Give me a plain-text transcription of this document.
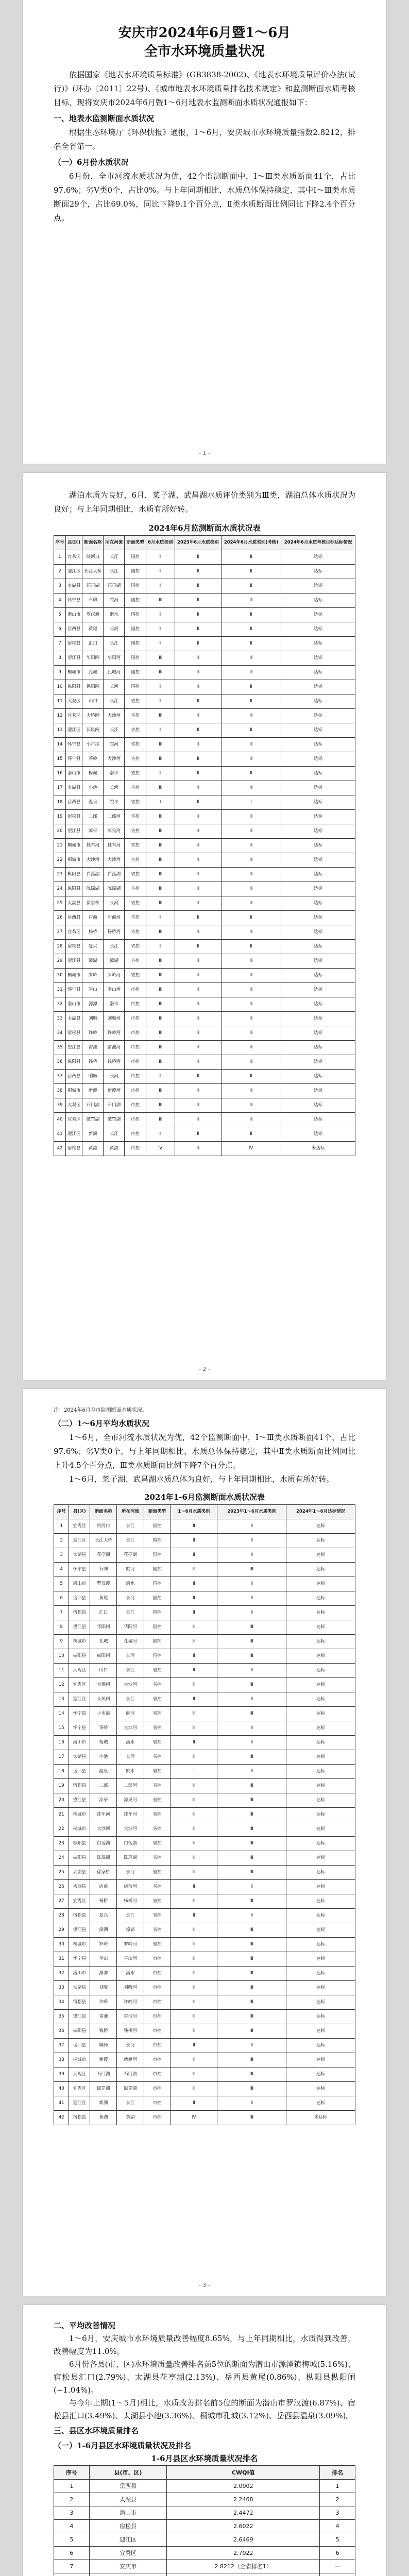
安庆市2024年6月暨1～6月
全市水环境质量状况

依据国家《地表水环境质量标准》(GB3838-2002)、《地表水环境质量评价办法(试行)》(环办〔2011〕22号)、《城市地表水环境质量排名技术规定》和监测断面水质考核目标，现将安庆市2024年6月暨1～6月地表水监测断面水质状况通报如下：

一、地表水监测断面水质状况

根据生态环境厅《环保快报》通报，1～6月，安庆城市水环境质量指数2.8212，排名全省第一。

（一）6月份水质状况

6月份，全市河流水质状况为优，42个监测断面中，Ⅰ～Ⅲ类水质断面41个，占比97.6%；劣Ⅴ类0个，占比0%。与上年同期相比，水质总体保持稳定，其中Ⅰ～Ⅲ类水质断面29个，占比69.0%，同比下降9.1个百分点，Ⅱ类水质断面比例同比下降2.4个百分点。

- 1 -

湖泊水质为良好，6月，菜子湖、武昌湖水质评价类别为Ⅲ类，湖泊总体水质状况为良好；与上年同期相比，水质有所好转。

2024年6月监测断面水质状况表

序号	县(区)	断面名称	所在河流	断面类型	6月水质类别	2023年6月水质类别	2024年6月水质类别(考核)	2024年6月水质考核目标达标情况
1	宜秀区	皖河口	长江	国控	Ⅱ	Ⅱ	Ⅱ	达标
2	迎江区	长江大桥	长江	国控	Ⅱ	Ⅱ	Ⅱ	达标
3	太湖县	花亭湖	花亭湖	国控	Ⅱ	Ⅱ	Ⅱ	达标
4	怀宁县	石牌	皖河	国控	Ⅲ	Ⅱ	Ⅲ	达标
5	潜山市	罗汉渡	潜水	国控	Ⅱ	Ⅱ	Ⅱ	达标
6	岳西县	黄尾	长河	国控	Ⅱ	Ⅱ	Ⅱ	达标
7	宿松县	汇口	长江	国控	Ⅱ	Ⅱ	Ⅱ	达标
8	望江县	华阳闸	华阳河	国控	Ⅲ	Ⅲ	Ⅲ	达标
9	桐城市	孔城	孔城河	国控	Ⅲ	Ⅲ	Ⅲ	达标
10	枞阳县	枞阳闸	长河	国控	Ⅱ	Ⅲ	Ⅱ	达标
11	大观区	山口	长江	省控	Ⅱ	Ⅱ	Ⅱ	达标
12	宜秀区	大桥闸	大沙河	省控	Ⅲ	Ⅲ	Ⅲ	达标
13	迎江区	长风闸	长江	省控	Ⅱ	Ⅱ	Ⅱ	达标
14	怀宁县	小市港	皖河	省控	Ⅲ	Ⅲ	Ⅲ	达标
15	怀宁县	茶岭	大沙河	省控	Ⅲ	Ⅱ	Ⅲ	达标
16	潜山市	梅城	潜水	省控	Ⅱ	Ⅱ	Ⅱ	达标
17	太湖县	小池	长河	省控	Ⅲ	Ⅲ	Ⅲ	达标
18	岳西县	温泉	皖水	省控	Ⅰ	Ⅱ	Ⅰ	达标
19	宿松县	二郎	二郎河	省控	Ⅲ	Ⅲ	Ⅲ	达标
20	望江县	凉亭	凉泉河	省控	Ⅲ	Ⅲ	Ⅲ	达标
21	桐城市	挂车河	挂车河	省控	Ⅲ	Ⅲ	Ⅲ	达标
22	桐城市	大沙河	大沙河	省控	Ⅲ	Ⅲ	Ⅲ	达标
23	枞阳县	白荡湖	白荡湖	省控	Ⅲ	Ⅲ	Ⅲ	达标
24	枞阳县	陈瑶湖	陈瑶湖	省控	Ⅲ	Ⅲ	Ⅲ	达标
25	太湖县	徐家桥	长河	省控	Ⅲ	Ⅲ	Ⅲ	达标
26	岳西县	店前	店前河	省控	Ⅱ	Ⅱ	Ⅱ	达标
27	宜秀区	杨桥	杨桥河	省控	Ⅲ	Ⅲ	Ⅲ	达标
28	宿松县	复兴	长江	省控	Ⅱ	Ⅱ	Ⅱ	达标
29	望江县	漳湖	漳湖	省控	Ⅲ	Ⅲ	Ⅲ	达标
30	桐城市	罗岭	罗岭河	省控	Ⅲ	Ⅲ	Ⅲ	达标
31	怀宁县	平山	平山河	市控	Ⅲ	Ⅲ	Ⅲ	达标
32	潜山市	源潭	潜水	市控	Ⅲ	Ⅲ	Ⅲ	达标
33	太湖县	刘畈	刘畈河	市控	Ⅲ	Ⅲ	Ⅲ	达标
34	宿松县	许岭	许岭河	市控	Ⅲ	Ⅲ	Ⅲ	达标
35	望江县	雷池	雷池河	市控	Ⅲ	Ⅲ	Ⅲ	达标
36	枞阳县	钱桥	钱桥河	市控	Ⅲ	Ⅲ	Ⅲ	达标
37	岳西县	响肠	长河	市控	Ⅱ	Ⅱ	Ⅱ	达标
38	桐城市	新渡	新渡河	市控	Ⅲ	Ⅲ	Ⅲ	达标
39	大观区	石门湖	石门湖	市控	Ⅲ	Ⅲ	Ⅲ	达标
40	宜秀区	破罡湖	破罡湖	市控	Ⅲ	Ⅲ	Ⅲ	达标
41	迎江区	新洲	长江	市控	Ⅱ	Ⅱ	Ⅱ	达标
42	宿松县	黄湖	黄湖	市控	Ⅳ	Ⅲ	Ⅳ	未达标
- 2 -

注：2024年6月全市监测断面水质状况。

（二）1～6月平均水质状况

1～6月，全市河流水质状况为优，42个监测断面中，Ⅰ～Ⅲ类水质断面41个，占比97.6%；劣Ⅴ类0个，与上年同期相比，水质总体保持稳定，其中Ⅱ类水质断面比例同比上升4.5个百分点，Ⅲ类水质断面比例下降7个百分点。

1～6月，菜子湖、武昌湖水质总体为良好，与上年同期相比，水质有所好转。

2024年1-6月监测断面水质状况表

序号	县(区)	断面名称	所在河流	断面类型	1～6月水质类别	2023年1～6月水质类别	2024年1～6月达标情况
1	宜秀区	皖河口	长江	国控	Ⅱ	Ⅱ	达标
2	迎江区	长江大桥	长江	国控	Ⅱ	Ⅱ	达标
3	太湖县	花亭湖	花亭湖	国控	Ⅱ	Ⅱ	达标
4	怀宁县	石牌	皖河	国控	Ⅲ	Ⅲ	达标
5	潜山市	罗汉渡	潜水	国控	Ⅱ	Ⅱ	达标
6	岳西县	黄尾	长河	国控	Ⅱ	Ⅱ	达标
7	宿松县	汇口	长江	国控	Ⅱ	Ⅱ	达标
8	望江县	华阳闸	华阳河	国控	Ⅲ	Ⅲ	达标
9	桐城市	孔城	孔城河	国控	Ⅲ	Ⅲ	达标
10	枞阳县	枞阳闸	长河	国控	Ⅱ	Ⅲ	达标
11	大观区	山口	长江	省控	Ⅱ	Ⅱ	达标
12	宜秀区	大桥闸	大沙河	省控	Ⅲ	Ⅲ	达标
13	迎江区	长风闸	长江	省控	Ⅱ	Ⅱ	达标
14	怀宁县	小市港	皖河	省控	Ⅲ	Ⅲ	达标
15	怀宁县	茶岭	大沙河	省控	Ⅲ	Ⅱ	达标
16	潜山市	梅城	潜水	省控	Ⅱ	Ⅱ	达标
17	太湖县	小池	长河	省控	Ⅲ	Ⅲ	达标
18	岳西县	温泉	皖水	省控	Ⅰ	Ⅱ	达标
19	宿松县	二郎	二郎河	省控	Ⅲ	Ⅲ	达标
20	望江县	凉亭	凉泉河	省控	Ⅲ	Ⅲ	达标
21	桐城市	挂车河	挂车河	省控	Ⅲ	Ⅲ	达标
22	桐城市	大沙河	大沙河	省控	Ⅲ	Ⅲ	达标
23	枞阳县	白荡湖	白荡湖	省控	Ⅲ	Ⅲ	达标
24	枞阳县	陈瑶湖	陈瑶湖	省控	Ⅲ	Ⅲ	达标
25	太湖县	徐家桥	长河	省控	Ⅲ	Ⅲ	达标
26	岳西县	店前	店前河	省控	Ⅱ	Ⅱ	达标
27	宜秀区	杨桥	杨桥河	省控	Ⅲ	Ⅲ	达标
28	宿松县	复兴	长江	省控	Ⅱ	Ⅱ	达标
29	望江县	漳湖	漳湖	省控	Ⅲ	Ⅲ	达标
30	桐城市	罗岭	罗岭河	省控	Ⅲ	Ⅲ	达标
31	怀宁县	平山	平山河	市控	Ⅲ	Ⅲ	达标
32	潜山市	源潭	潜水	市控	Ⅲ	Ⅲ	达标
33	太湖县	刘畈	刘畈河	市控	Ⅲ	Ⅲ	达标
34	宿松县	许岭	许岭河	市控	Ⅲ	Ⅲ	达标
35	望江县	雷池	雷池河	市控	Ⅲ	Ⅲ	达标
36	枞阳县	钱桥	钱桥河	市控	Ⅲ	Ⅲ	达标
37	岳西县	响肠	长河	市控	Ⅱ	Ⅱ	达标
38	桐城市	新渡	新渡河	市控	Ⅲ	Ⅲ	达标
39	大观区	石门湖	石门湖	市控	Ⅲ	Ⅲ	达标
40	宜秀区	破罡湖	破罡湖	市控	Ⅲ	Ⅲ	达标
41	迎江区	新洲	长江	市控	Ⅱ	Ⅱ	达标
42	宿松县	黄湖	黄湖	市控	Ⅳ	Ⅲ	未达标
- 3 -

二、平均改善情况

1～6月，安庆城市水环境质量改善幅度8.65%，与上年同期相比，水质得到改善，改善幅度为11.0%。

6月份各县(市、区)水环境质量改善排名前5位的断面为潜山市源潭镇梅城(5.16%)、宿松县汇口(2.79%)、太湖县花亭湖(2.13%)、岳西县黄尾(0.86%)、枞阳县枞阳闸(−1.04%)。

与今年上期(1～5月)相比，水质改善排名前5位的断面为潜山市罗汉渡(6.87%)、宿松县汇口(3.49%)、太湖县小池(3.36%)、桐城市孔城(3.12%)、岳西县温泉(3.09%)。

三、县区水环境质量排名

（一）1-6月县区水环境质量状况及排名

1-6月县区水环境质量状况排名

序号	县(市、区)	CWQI值	排名
1	岳西县	2.0002	1
2	太湖县	2.2468	2
3	潜山市	2.4472	3
4	宿松县	2.6022	4
5	迎江区	2.6469	5
6	宜秀区	2.7022	6
7	安庆市	2.8212（全省排名1）	—
